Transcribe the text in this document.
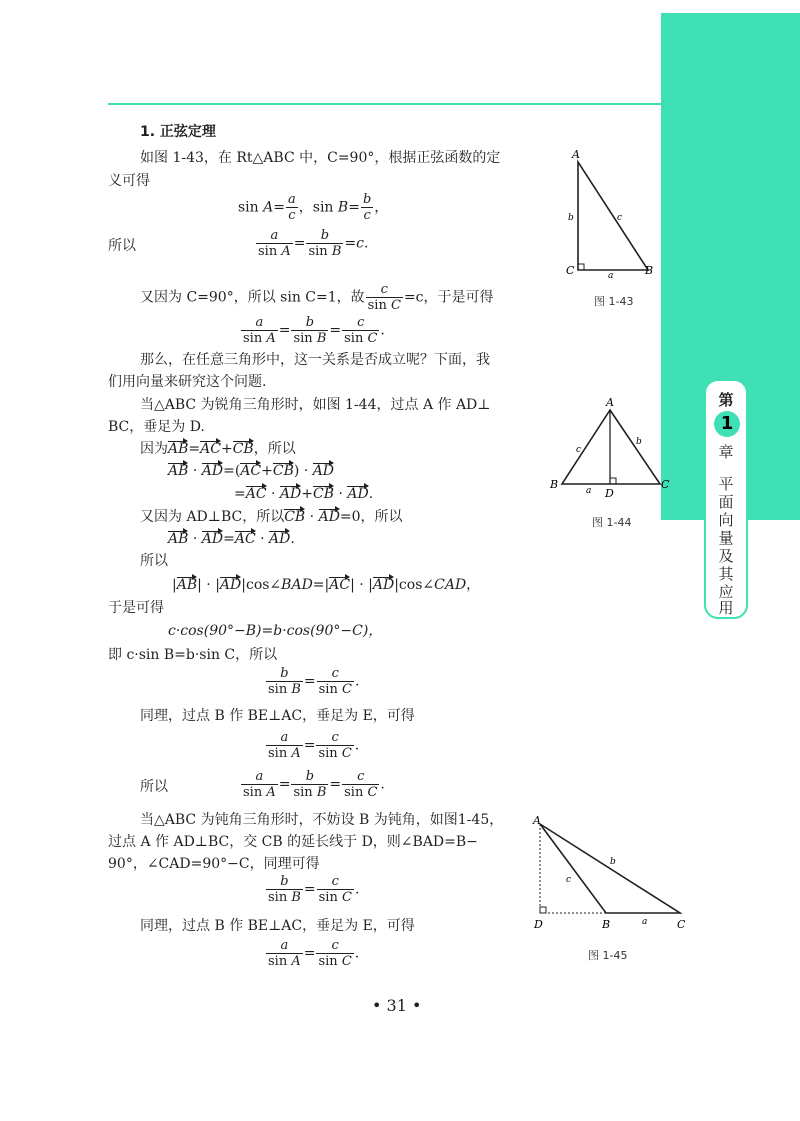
第
1
章
平
面
向
量
及
其
应
用
1. 正弦定理
如图 1-43，在 Rt△ABC 中，C=90°，根据正弦函数的定
义可得
$\sin A= \frac{a}{c}$ ，$\sin B= \frac{b}{c}$ ，
所以	$\frac{a}{\text{sin A}} = \frac{b}{\text{sin B}} =c$.
又因为 C=90°，所以 sin C=1，故 $\frac{c}{\text{sin C}} =c$，于是可得
$\frac{a}{\text{sin A}} = \frac{b}{\text{sin B}} = \frac{c}{\text{sin C}}$ .
那么，在任意三角形中，这一关系是否成立呢？下面，我
们用向量来研究这个问题.
当△ABC 为锐角三角形时，如图 1-44，过点 A 作 AD⊥
BC，垂足为 D.
因为AB=AC+CB，所以
AB · AD=(AC+CB) · AD
=AC · AD+CB · AD.
又因为 AD⊥BC，所以CB · AD=0，所以
AB · AD=AC · AD.
所以
|AB| · |AD|cos∠BAD=|AC| · |AD|cos∠CAD，
于是可得
c·cos(90°−B)=b·cos(90°−C)，
即 c·sin B=b·sin C，所以
$\frac{b}{\text{sin B}} = \frac{c}{\text{sin C}}$ .
同理，过点 B 作 BE⊥AC，垂足为 E，可得
$\frac{a}{\text{sin A}} = \frac{c}{\text{sin C}}$ .
所以	$\frac{a}{\text{sin A}} = \frac{b}{\text{sin B}} = \frac{c}{\text{sin C}}$ .
当△ABC 为钝角三角形时，不妨设 B 为钝角，如图1-45，
过点 A 作 AD⊥BC，交 CB 的延长线于 D，则∠BAD=B−
90°，∠CAD=90°−C，同理可得
$\frac{b}{\text{sin B}} = \frac{c}{\text{sin C}}$ .
同理，过点 B 作 BE⊥AC，垂足为 E，可得
$\frac{a}{\text{sin A}} = \frac{c}{\text{sin C}}$ .
A
B
C	a
b	c
图 1-43
A
B	C
D
a
b
c
图 1-44
A
B	C
D	a
b
c
图 1-45
• 31 •
